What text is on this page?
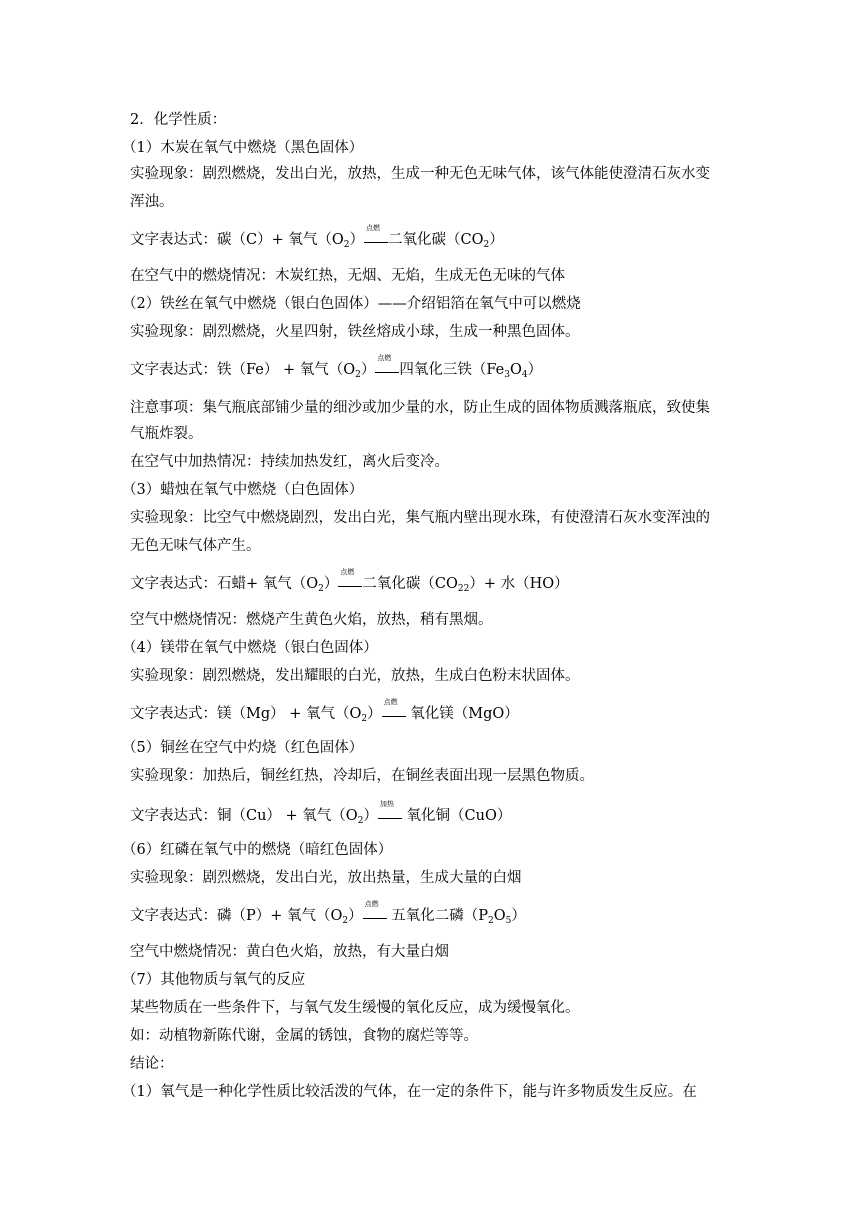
2．化学性质：

（1）木炭在氧气中燃烧（黑色固体）

实验现象：剧烈燃烧，发出白光，放热，生成一种无色无味气体，该气体能使澄清石灰水变

浑浊。

在空气中的燃烧情况：木炭红热，无烟、无焰，生成无色无味的气体

（2）铁丝在氧气中燃烧（银白色固体）——介绍铝箔在氧气中可以燃烧

实验现象：剧烈燃烧，火星四射，铁丝熔成小球，生成一种黑色固体。

注意事项：集气瓶底部铺少量的细沙或加少量的水，防止生成的固体物质溅落瓶底，致使集

气瓶炸裂。

在空气中加热情况：持续加热发红，离火后变冷。

（3）蜡烛在氧气中燃烧（白色固体）

实验现象：比空气中燃烧剧烈，发出白光，集气瓶内壁出现水珠，有使澄清石灰水变浑浊的

无色无味气体产生。

空气中燃烧情况：燃烧产生黄色火焰，放热，稍有黑烟。

（4）镁带在氧气中燃烧（银白色固体）

实验现象：剧烈燃烧，发出耀眼的白光，放热，生成白色粉末状固体。

（5）铜丝在空气中灼烧（红色固体）

实验现象：加热后，铜丝红热，冷却后，在铜丝表面出现一层黑色物质。

（6）红磷在氧气中的燃烧（暗红色固体）

实验现象：剧烈燃烧，发出白光，放出热量，生成大量的白烟

空气中燃烧情况：黄白色火焰，放热，有大量白烟

（7）其他物质与氧气的反应

某些物质在一些条件下，与氧气发生缓慢的氧化反应，成为缓慢氧化。

如：动植物新陈代谢，金属的锈蚀，食物的腐烂等等。

结论：

（1）氧气是一种化学性质比较活泼的气体，在一定的条件下，能与许多物质发生反应。在

文字表达式：碳（C）+ 氧气$(O_2)$
点燃
二氧化碳$(CO_2)$

文字表达式：铁（Fe） + 氧气$(O_2)$
点燃
四氧化三铁$(Fe_3O_4)$

文字表达式：石蜡+ 氧气$(O_2)$
点燃
二氧化碳$(CO_{22})+$ 水（HO）

文字表达式：镁（Mg） + 氧气$(O_2)$
点燃
氧化镁（MgO）

文字表达式：铜（Cu） + 氧气$(O_2)$
加热
氧化铜（CuO）

文字表达式：磷（P）+ 氧气$(O_2)$
点燃
五氧化二磷$(P_2O_5)$
